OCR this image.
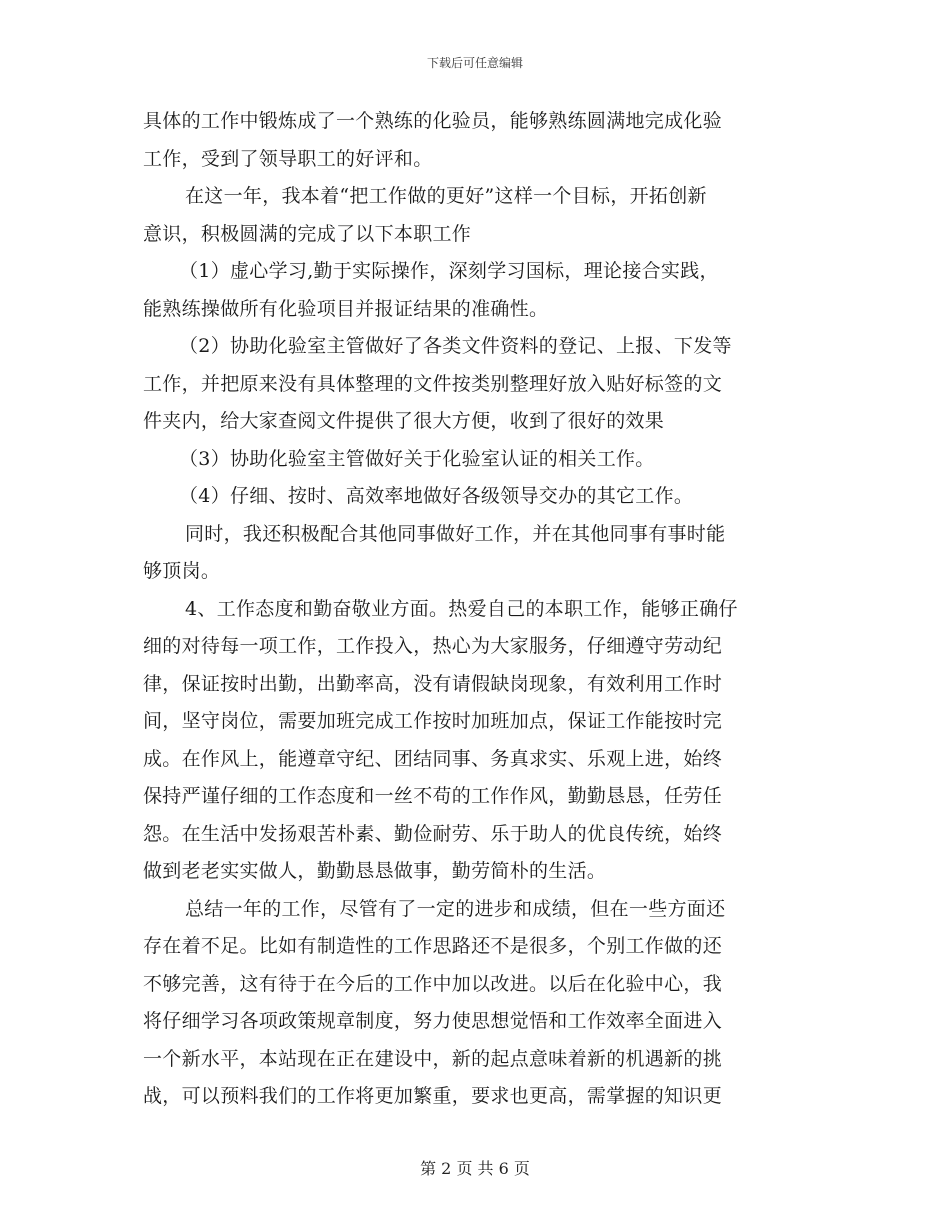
下载后可任意编辑
具体的工作中锻炼成了一个熟练的化验员，能够熟练圆满地完成化验
工作，受到了领导职工的好评和。
在这一年，我本着“把工作做的更好”这样一个目标，开拓创新
意识，积极圆满的完成了以下本职工作
（1）虚心学习,勤于实际操作，深刻学习国标，理论接合实践，
能熟练操做所有化验项目并报证结果的准确性。
（2）协助化验室主管做好了各类文件资料的登记、上报、下发等
工作，并把原来没有具体整理的文件按类别整理好放入贴好标签的文
件夹内，给大家查阅文件提供了很大方便，收到了很好的效果
（3）协助化验室主管做好关于化验室认证的相关工作。
（4）仔细、按时、高效率地做好各级领导交办的其它工作。
同时，我还积极配合其他同事做好工作，并在其他同事有事时能
够顶岗。
4、工作态度和勤奋敬业方面。热爱自己的本职工作，能够正确仔
细的对待每一项工作，工作投入，热心为大家服务，仔细遵守劳动纪
律，保证按时出勤，出勤率高，没有请假缺岗现象，有效利用工作时
间，坚守岗位，需要加班完成工作按时加班加点，保证工作能按时完
成。在作风上，能遵章守纪、团结同事、务真求实、乐观上进，始终
保持严谨仔细的工作态度和一丝不苟的工作作风，勤勤恳恳，任劳任
怨。在生活中发扬艰苦朴素、勤俭耐劳、乐于助人的优良传统，始终
做到老老实实做人，勤勤恳恳做事，勤劳简朴的生活。
总结一年的工作，尽管有了一定的进步和成绩，但在一些方面还
存在着不足。比如有制造性的工作思路还不是很多，个别工作做的还
不够完善，这有待于在今后的工作中加以改进。以后在化验中心，我
将仔细学习各项政策规章制度，努力使思想觉悟和工作效率全面进入
一个新水平，本站现在正在建设中，新的起点意味着新的机遇新的挑
战，可以预料我们的工作将更加繁重，要求也更高，需掌握的知识更
第 2 页 共 6 页
